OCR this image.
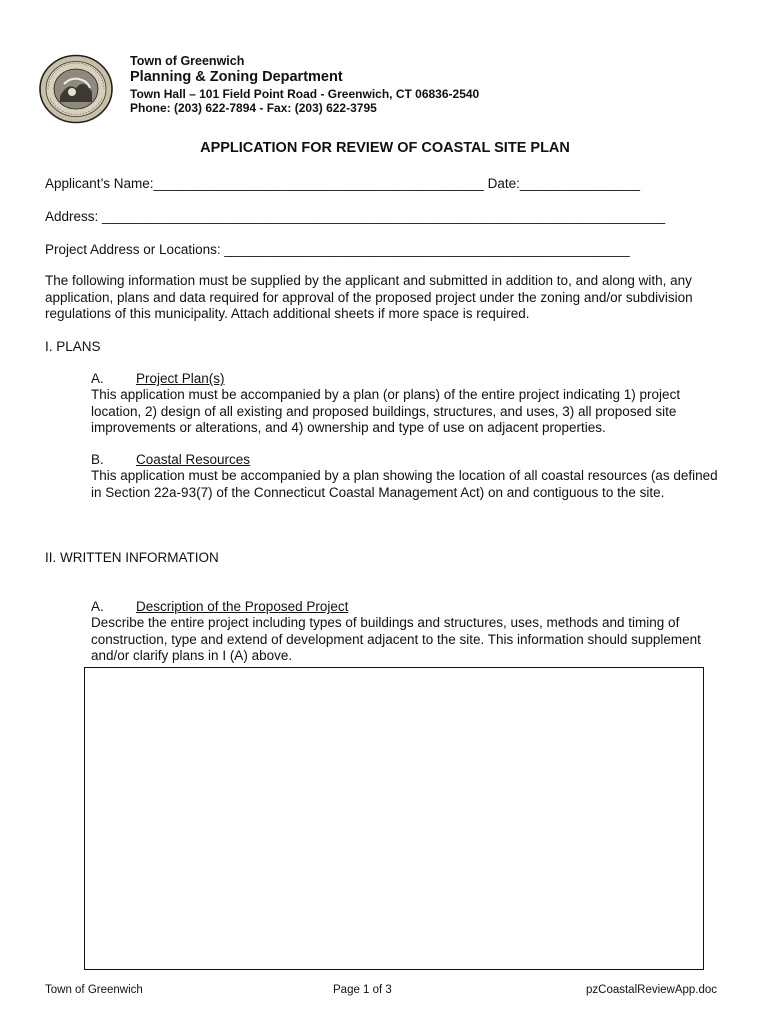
Town of Greenwich
Planning & Zoning Department
Town Hall – 101 Field Point Road - Greenwich, CT 06836-2540
Phone: (203) 622-7894 - Fax: (203) 622-3795
APPLICATION FOR REVIEW OF COASTAL SITE PLAN
Applicant’s Name:____________________________________________ Date:________________
Address: ___________________________________________________________________________
Project Address or Locations: ______________________________________________________
The following information must be supplied by the applicant and submitted in addition to, and along with, any application, plans and data required for approval of the proposed project under the zoning and/or subdivision regulations of this municipality. Attach additional sheets if more space is required.
I. PLANS
A. Project Plan(s)
This application must be accompanied by a plan (or plans) of the entire project indicating 1) project location, 2) design of all existing and proposed buildings, structures, and uses, 3) all proposed site improvements or alterations, and 4) ownership and type of use on adjacent properties.
B. Coastal Resources
This application must be accompanied by a plan showing the location of all coastal resources (as defined in Section 22a-93(7) of the Connecticut Coastal Management Act) on and contiguous to the site.
II. WRITTEN INFORMATION
A. Description of the Proposed Project
Describe the entire project including types of buildings and structures, uses, methods and timing of construction, type and extend of development adjacent to the site. This information should supplement and/or clarify plans in I (A) above.
Town of Greenwich	Page 1 of 3	pzCoastalReviewApp.doc
